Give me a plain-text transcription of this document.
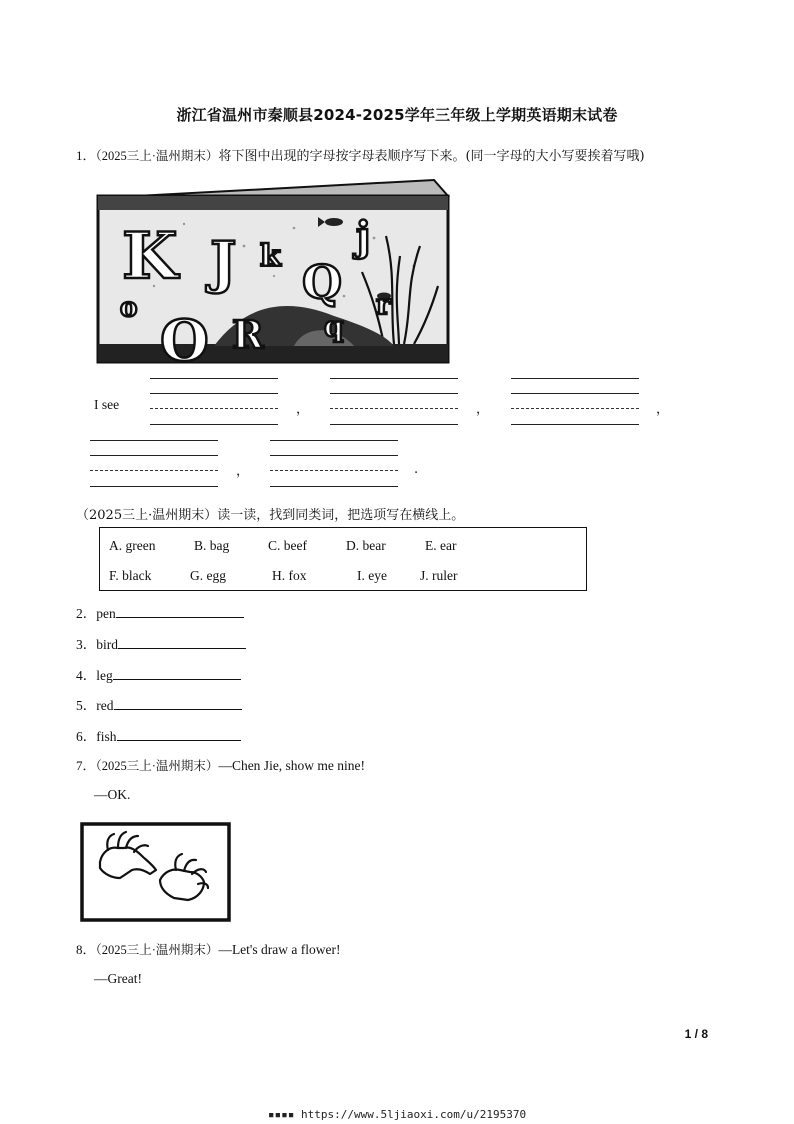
浙江省温州市秦顺县2024-2025学年三年级上学期英语期末试卷
1．（2025三上·温州期末）将下图中出现的字母按字母表顺序写下来。(同一字母的大小写要挨着写哦)
K J k Q
j
o O R q
r
I see	，	，	，
，	.
（2025三上·温州期末）读一读，找到同类词，把选项写在横线上。
A. green	B. bag	C. beef	D. bear	E. ear
F. black	G. egg	H. fox	I. eye J. ruler
2．pen
3．bird
4．leg
5．red
6．fish
7．（2025三上·温州期末）—Chen Jie, show me nine!
—OK.
8．（2025三上·温州期末）—Let's draw a flower!
—Great!
1 / 8
▪▪▪▪ https://www.5ljiaoxi.com/u/2195370
